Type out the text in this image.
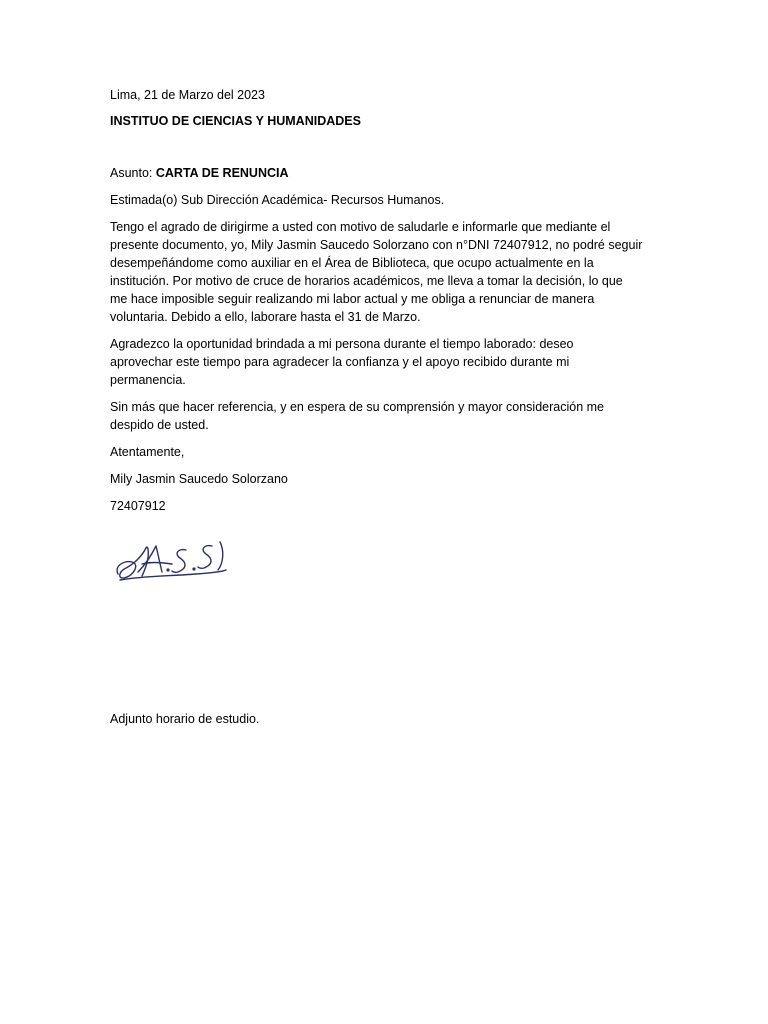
Lima, 21 de Marzo del 2023

INSTITUO DE CIENCIAS Y HUMANIDADES

Asunto: CARTA DE RENUNCIA

Estimada(o) Sub Dirección Académica- Recursos Humanos.

Tengo el agrado de dirigirme a usted con motivo de saludarle e informarle que mediante el
presente documento, yo, Mily Jasmin Saucedo Solorzano con n°DNI 72407912, no podré seguir
desempeñándome como auxiliar en el Área de Biblioteca, que ocupo actualmente en la
institución. Por motivo de cruce de horarios académicos, me lleva a tomar la decisión, lo que
me hace imposible seguir realizando mi labor actual y me obliga a renunciar de manera
voluntaria. Debido a ello, laborare hasta el 31 de Marzo.

Agradezco la oportunidad brindada a mi persona durante el tiempo laborado: deseo
aprovechar este tiempo para agradecer la confianza y el apoyo recibido durante mi
permanencia.

Sin más que hacer referencia, y en espera de su comprensión y mayor consideración me
despido de usted.

Atentamente,

Mily Jasmin Saucedo Solorzano

72407912

Adjunto horario de estudio.
